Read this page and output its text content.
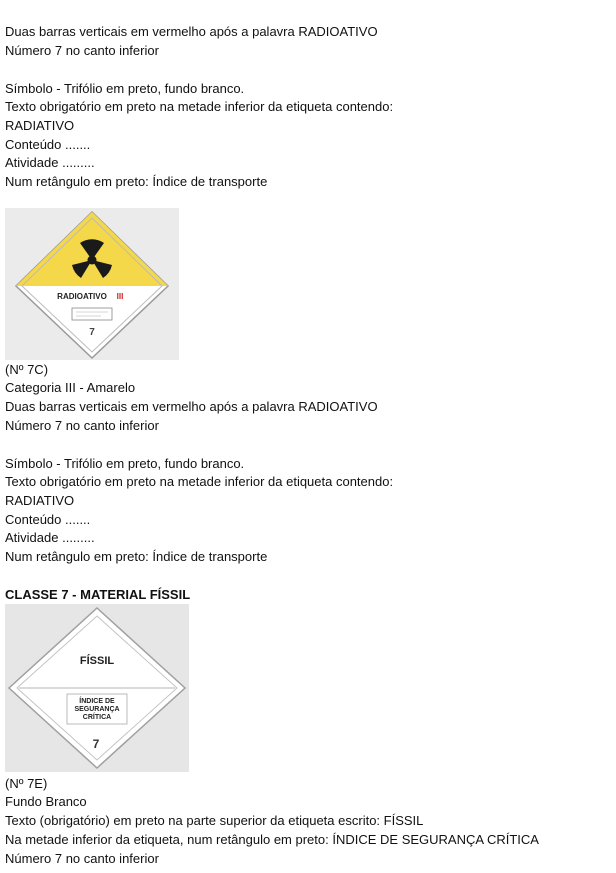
Duas barras verticais em vermelho após a palavra RADIOATIVO
Número 7 no canto inferior
Símbolo - Trifólio em preto, fundo branco.
Texto obrigatório em preto na metade inferior da etiqueta contendo:
RADIATIVO
Conteúdo .......
Atividade .........
Num retângulo em preto: Índice de transporte
RADIOATIVO III
7
(Nº 7C)
Categoria III - Amarelo
Duas barras verticais em vermelho após a palavra RADIOATIVO
Número 7 no canto inferior
Símbolo - Trifólio em preto, fundo branco.
Texto obrigatório em preto na metade inferior da etiqueta contendo:
RADIATIVO
Conteúdo .......
Atividade .........
Num retângulo em preto: Índice de transporte
CLASSE 7 - MATERIAL FÍSSIL
FÍSSIL
ÍNDICE DE
SEGURANÇA
CRÍTICA
7
(Nº 7E)
Fundo Branco
Texto (obrigatório) em preto na parte superior da etiqueta escrito: FÍSSIL
Na metade inferior da etiqueta, num retângulo em preto: ÍNDICE DE SEGURANÇA CRÍTICA
Número 7 no canto inferior
